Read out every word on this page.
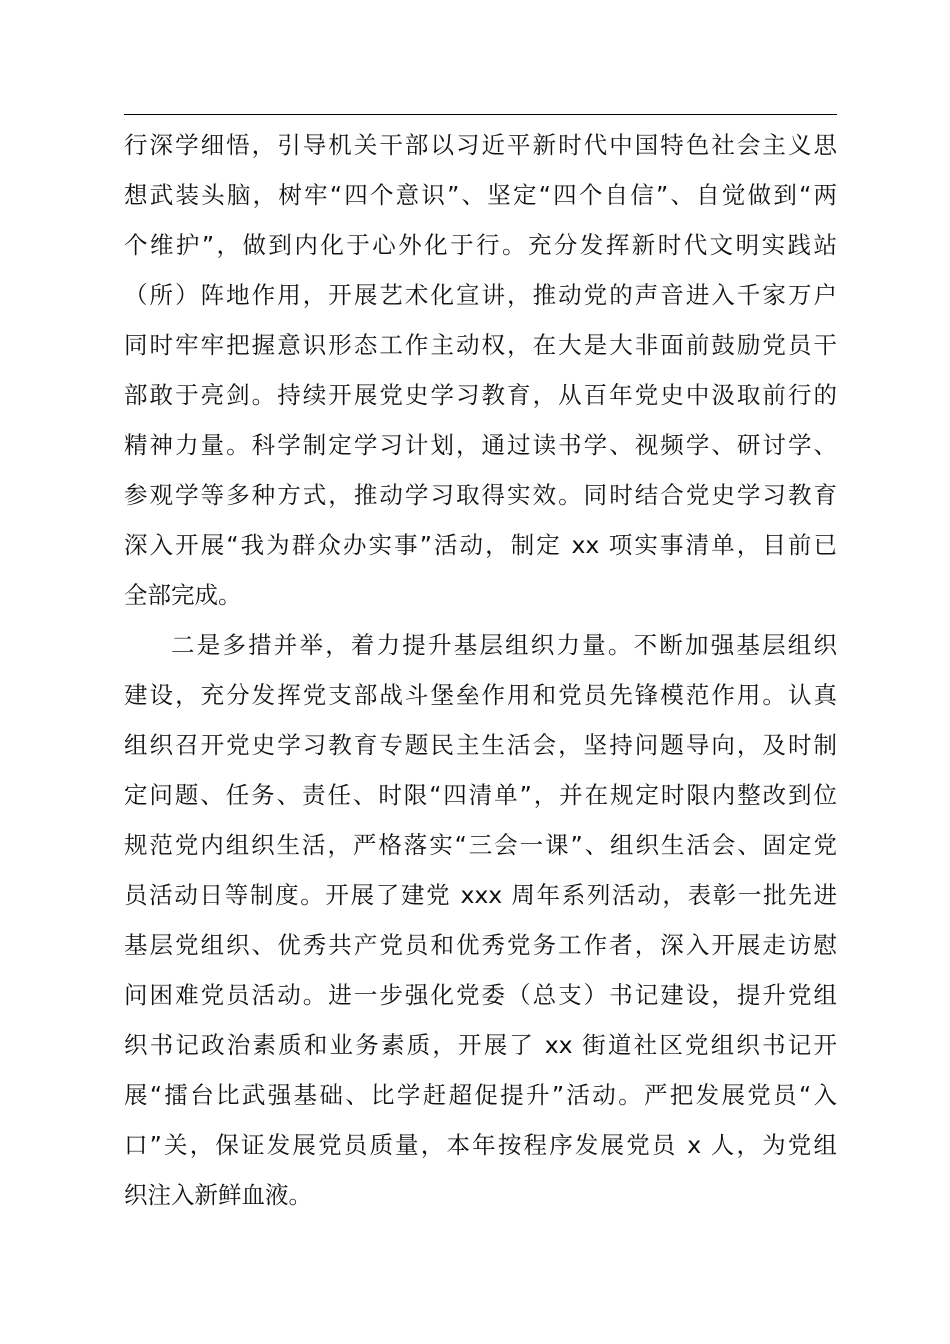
行深学细悟，引导机关干部以习近平新时代中国特色社会主义思
想武装头脑，树牢“四个意识”、坚定“四个自信”、自觉做到“两
个维护”，做到内化于心外化于行。充分发挥新时代文明实践站
（所）阵地作用，开展艺术化宣讲，推动党的声音进入千家万户
同时牢牢把握意识形态工作主动权，在大是大非面前鼓励党员干
部敢于亮剑。持续开展党史学习教育，从百年党史中汲取前行的
精神力量。科学制定学习计划，通过读书学、视频学、研讨学、
参观学等多种方式，推动学习取得实效。同时结合党史学习教育
深入开展“我为群众办实事”活动，制定 xx 项实事清单，目前已
全部完成。
二是多措并举，着力提升基层组织力量。不断加强基层组织
建设，充分发挥党支部战斗堡垒作用和党员先锋模范作用。认真
组织召开党史学习教育专题民主生活会，坚持问题导向，及时制
定问题、任务、责任、时限“四清单”，并在规定时限内整改到位
规范党内组织生活，严格落实“三会一课”、组织生活会、固定党
员活动日等制度。开展了建党 xxx 周年系列活动，表彰一批先进
基层党组织、优秀共产党员和优秀党务工作者，深入开展走访慰
问困难党员活动。进一步强化党委（总支）书记建设，提升党组
织书记政治素质和业务素质，开展了 xx 街道社区党组织书记开
展“擂台比武强基础、比学赶超促提升”活动。严把发展党员“入
口”关，保证发展党员质量，本年按程序发展党员 x 人，为党组
织注入新鲜血液。
